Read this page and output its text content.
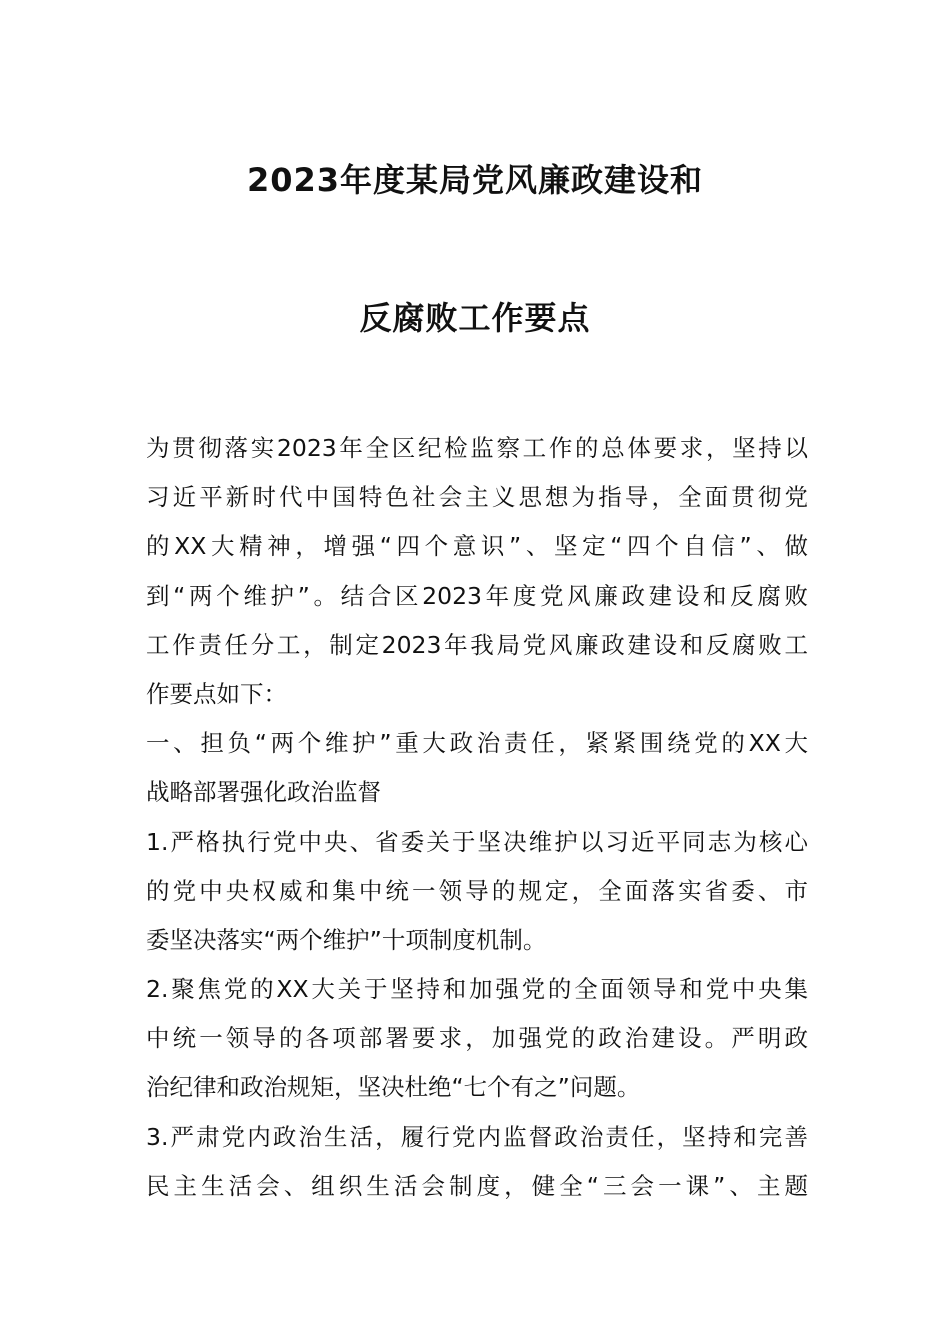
2023年度某局党风廉政建设和
反腐败工作要点
为贯彻落实2023年全区纪检监察工作的总体要求，坚持以
习近平新时代中国特色社会主义思想为指导，全面贯彻党
的XX大精神，增强“四个意识”、坚定“四个自信”、做
到“两个维护”。结合区2023年度党风廉政建设和反腐败
工作责任分工，制定2023年我局党风廉政建设和反腐败工
作要点如下：
一、担负“两个维护”重大政治责任，紧紧围绕党的XX大
战略部署强化政治监督
1.严格执行党中央、省委关于坚决维护以习近平同志为核心
的党中央权威和集中统一领导的规定，全面落实省委、市
委坚决落实“两个维护”十项制度机制。
2.聚焦党的XX大关于坚持和加强党的全面领导和党中央集
中统一领导的各项部署要求，加强党的政治建设。严明政
治纪律和政治规矩，坚决杜绝“七个有之”问题。
3.严肃党内政治生活，履行党内监督政治责任，坚持和完善
民主生活会、组织生活会制度，健全“三会一课”、主题
